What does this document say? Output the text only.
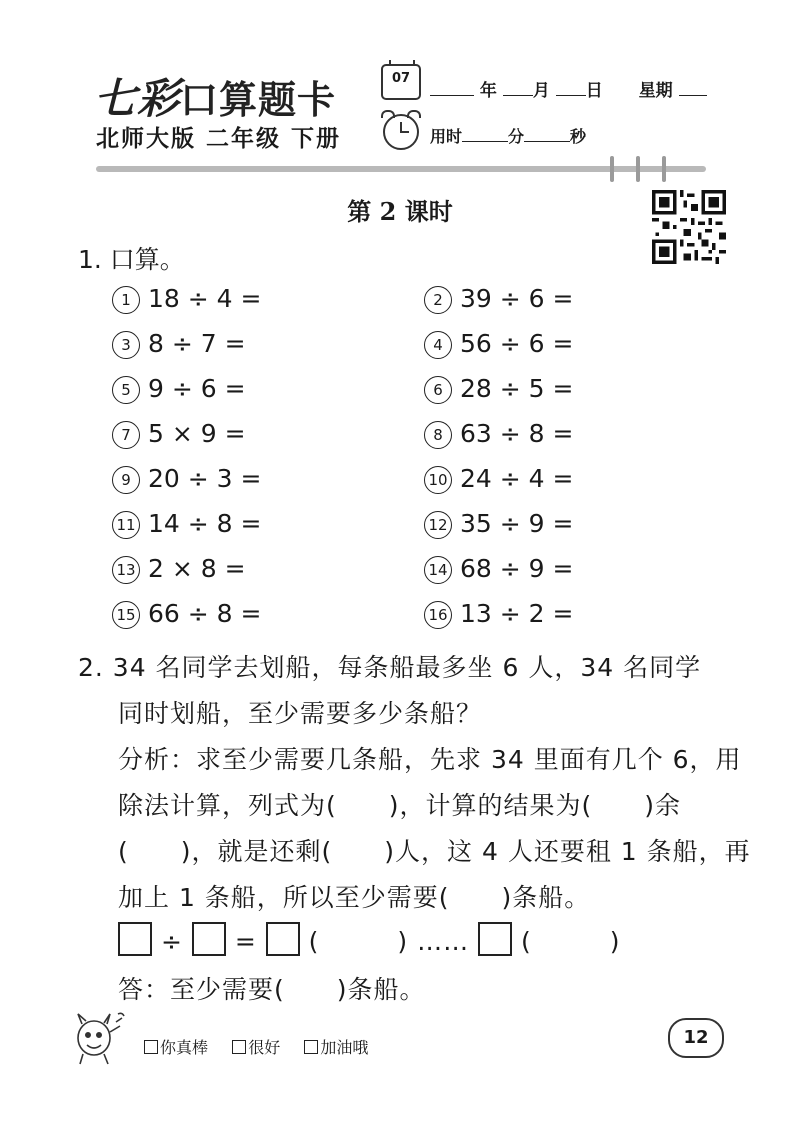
七彩口算题卡
北师大版 二年级 下册
07
年 月 日 星期
用时	分	秒
第 2 课时
1. 口算。
1 18 ÷ 4 =	2 39 ÷ 6 =
3 8 ÷ 7 =	4 56 ÷ 6 =
5 9 ÷ 6 =	6 28 ÷ 5 =
7 5 × 9 =	8 63 ÷ 8 =
9 20 ÷ 3 =	10 24 ÷ 4 =
11 14 ÷ 8 =	12 35 ÷ 9 =
13 2 × 8 =	14 68 ÷ 9 =
15 66 ÷ 8 =	16 13 ÷ 2 =
2. 34 名同学去划船，每条船最多坐 6 人，34 名同学
同时划船，至少需要多少条船？
分析：求至少需要几条船，先求 34 里面有几个 6，用
除法计算，列式为(　　)，计算的结果为(　　)余
(　　)，就是还剩(　　)人，这 4 人还要租 1 条船，再
加上 1 条船，所以至少需要(　　)条船。
÷ = (　　　) …… (　　　)
答：至少需要(　　)条船。
你真棒	很好	加油哦	12
